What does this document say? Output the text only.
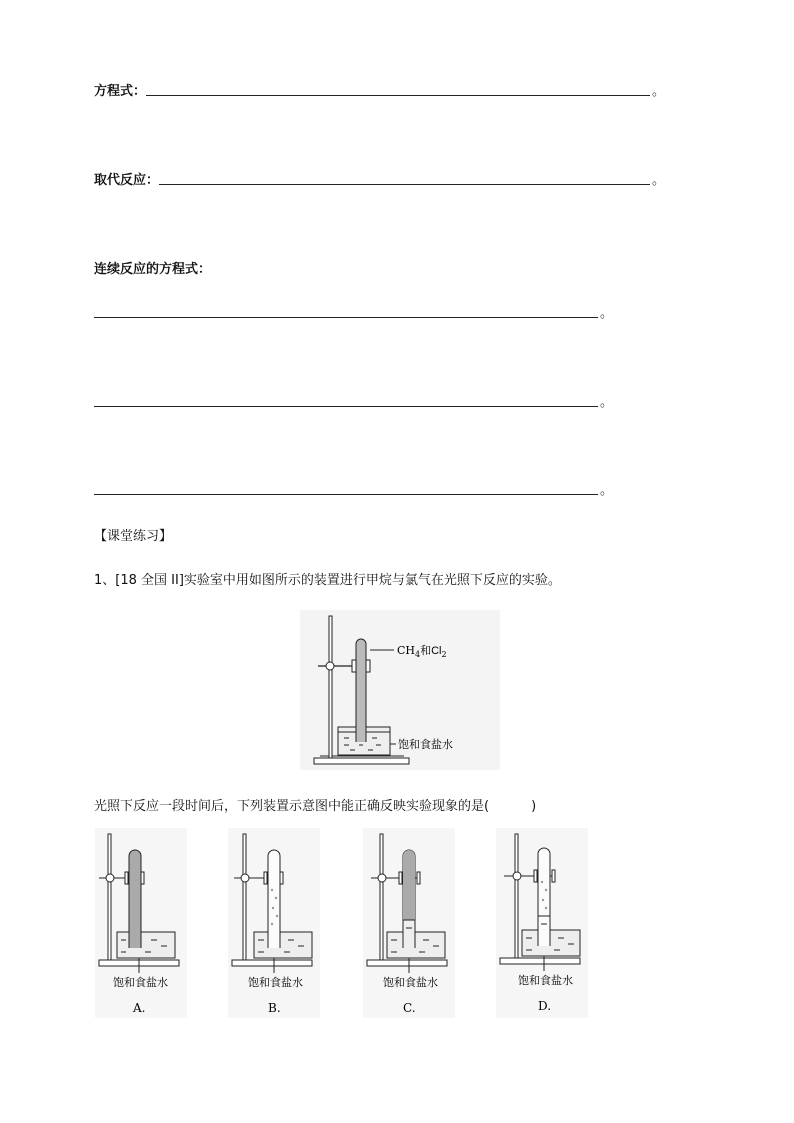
方程式：	。
取代反应：	。
连续反应的方程式：
。
。
。
【课堂练习】
1、[18 全国 II]实验室中用如图所示的装置进行甲烷与氯气在光照下反应的实验。
$CH_4$和$Cl_2$
饱和食盐水
光照下反应一段时间后，下列装置示意图中能正确反映实验现象的是(	)
饱和食盐水
A.
饱和食盐水
B.
饱和食盐水
C.
饱和食盐水
D.
